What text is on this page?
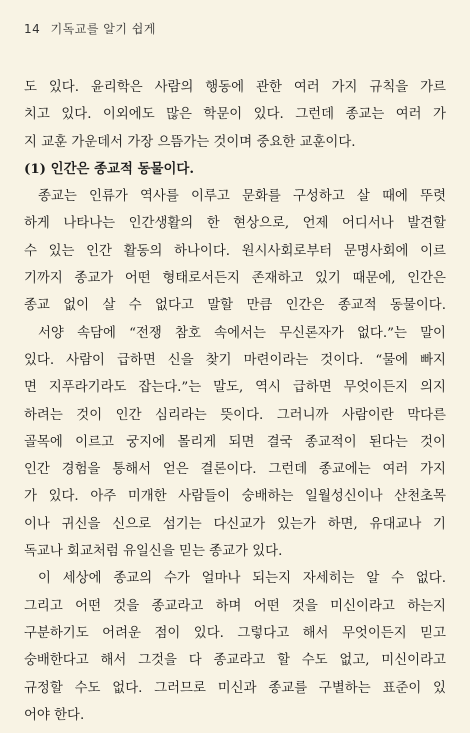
14 기독교를 알기 쉽게
도 있다. 윤리학은 사람의 행동에 관한 여러 가지 규칙을 가르
치고 있다. 이외에도 많은 학문이 있다. 그런데 종교는 여러 가
지 교훈 가운데서 가장 으뜸가는 것이며 중요한 교훈이다.
(1) 인간은 종교적 동물이다.
종교는 인류가 역사를 이루고 문화를 구성하고 살 때에 뚜렷
하게 나타나는 인간생활의 한 현상으로, 언제 어디서나 발견할
수 있는 인간 활동의 하나이다. 원시사회로부터 문명사회에 이르
기까지 종교가 어떤 형태로서든지 존재하고 있기 때문에, 인간은
종교 없이 살 수 없다고 말할 만큼 인간은 종교적 동물이다.
서양 속담에 “전쟁 참호 속에서는 무신론자가 없다.”는 말이
있다. 사람이 급하면 신을 찾기 마련이라는 것이다. “물에 빠지
면 지푸라기라도 잡는다.”는 말도, 역시 급하면 무엇이든지 의지
하려는 것이 인간 심리라는 뜻이다. 그러니까 사람이란 막다른
골목에 이르고 궁지에 몰리게 되면 결국 종교적이 된다는 것이
인간 경험을 통해서 얻은 결론이다. 그런데 종교에는 여러 가지
가 있다. 아주 미개한 사람들이 숭배하는 일월성신이나 산천초목
이나 귀신을 신으로 섬기는 다신교가 있는가 하면, 유대교나 기
독교나 회교처럼 유일신을 믿는 종교가 있다.
이 세상에 종교의 수가 얼마나 되는지 자세히는 알 수 없다.
그리고 어떤 것을 종교라고 하며 어떤 것을 미신이라고 하는지
구분하기도 어려운 점이 있다. 그렇다고 해서 무엇이든지 믿고
숭배한다고 해서 그것을 다 종교라고 할 수도 없고, 미신이라고
규정할 수도 없다. 그러므로 미신과 종교를 구별하는 표준이 있
어야 한다.
